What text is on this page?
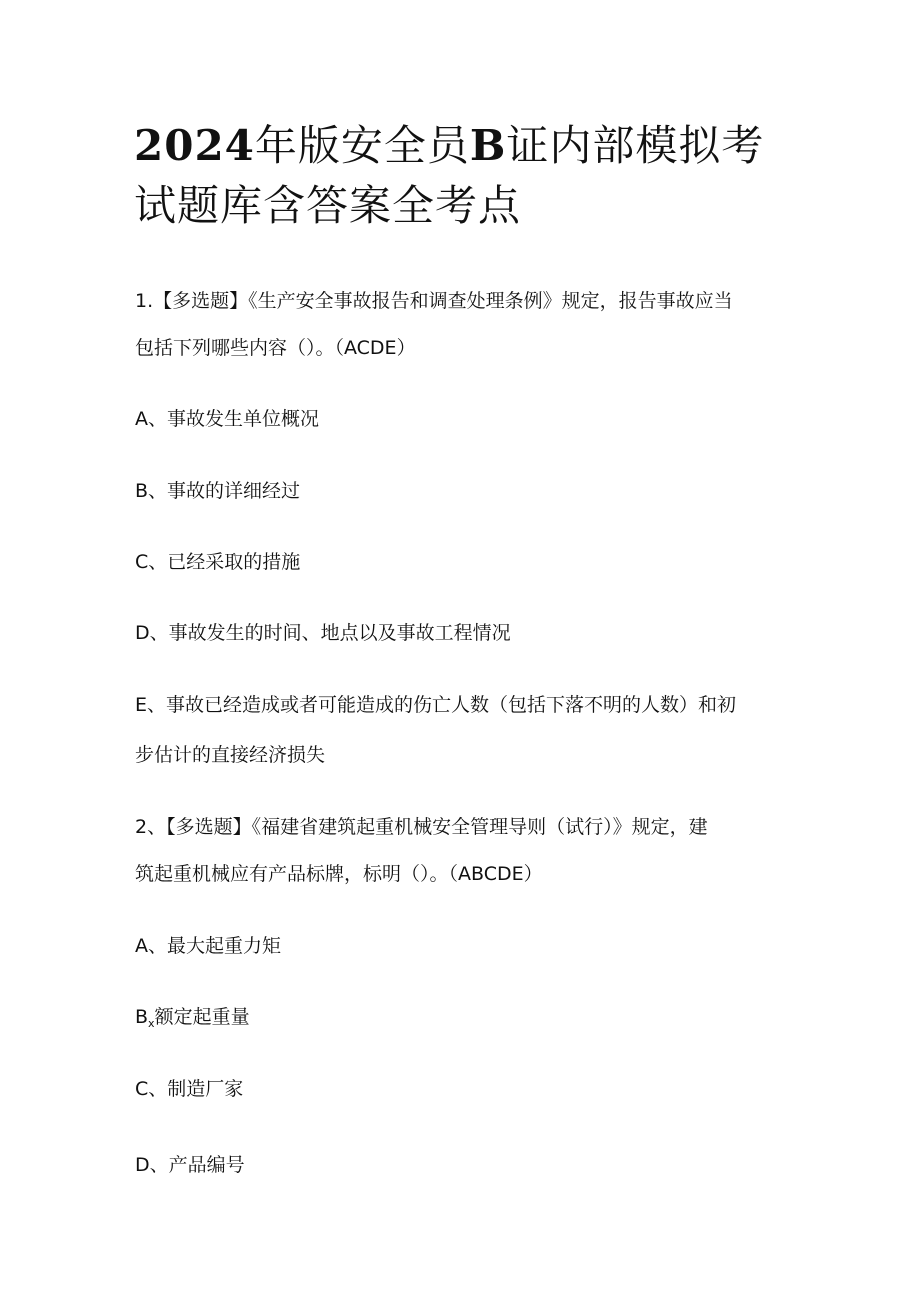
2024年版安全员B证内部模拟考
试题库含答案全考点

1.【多选题】《生产安全事故报告和调查处理条例》规定，报告事故应当

包括下列哪些内容（）。（ACDE）

A、事故发生单位概况

B、事故的详细经过

C、已经采取的措施

D、事故发生的时间、地点以及事故工程情况

E、事故已经造成或者可能造成的伤亡人数（包括下落不明的人数）和初

步估计的直接经济损失

2、【多选题】《福建省建筑起重机械安全管理导则（试行）》规定，建

筑起重机械应有产品标牌，标明（）。（ABCDE）

A、最大起重力矩

$B_x$额定起重量

C、制造厂家

D、产品编号
